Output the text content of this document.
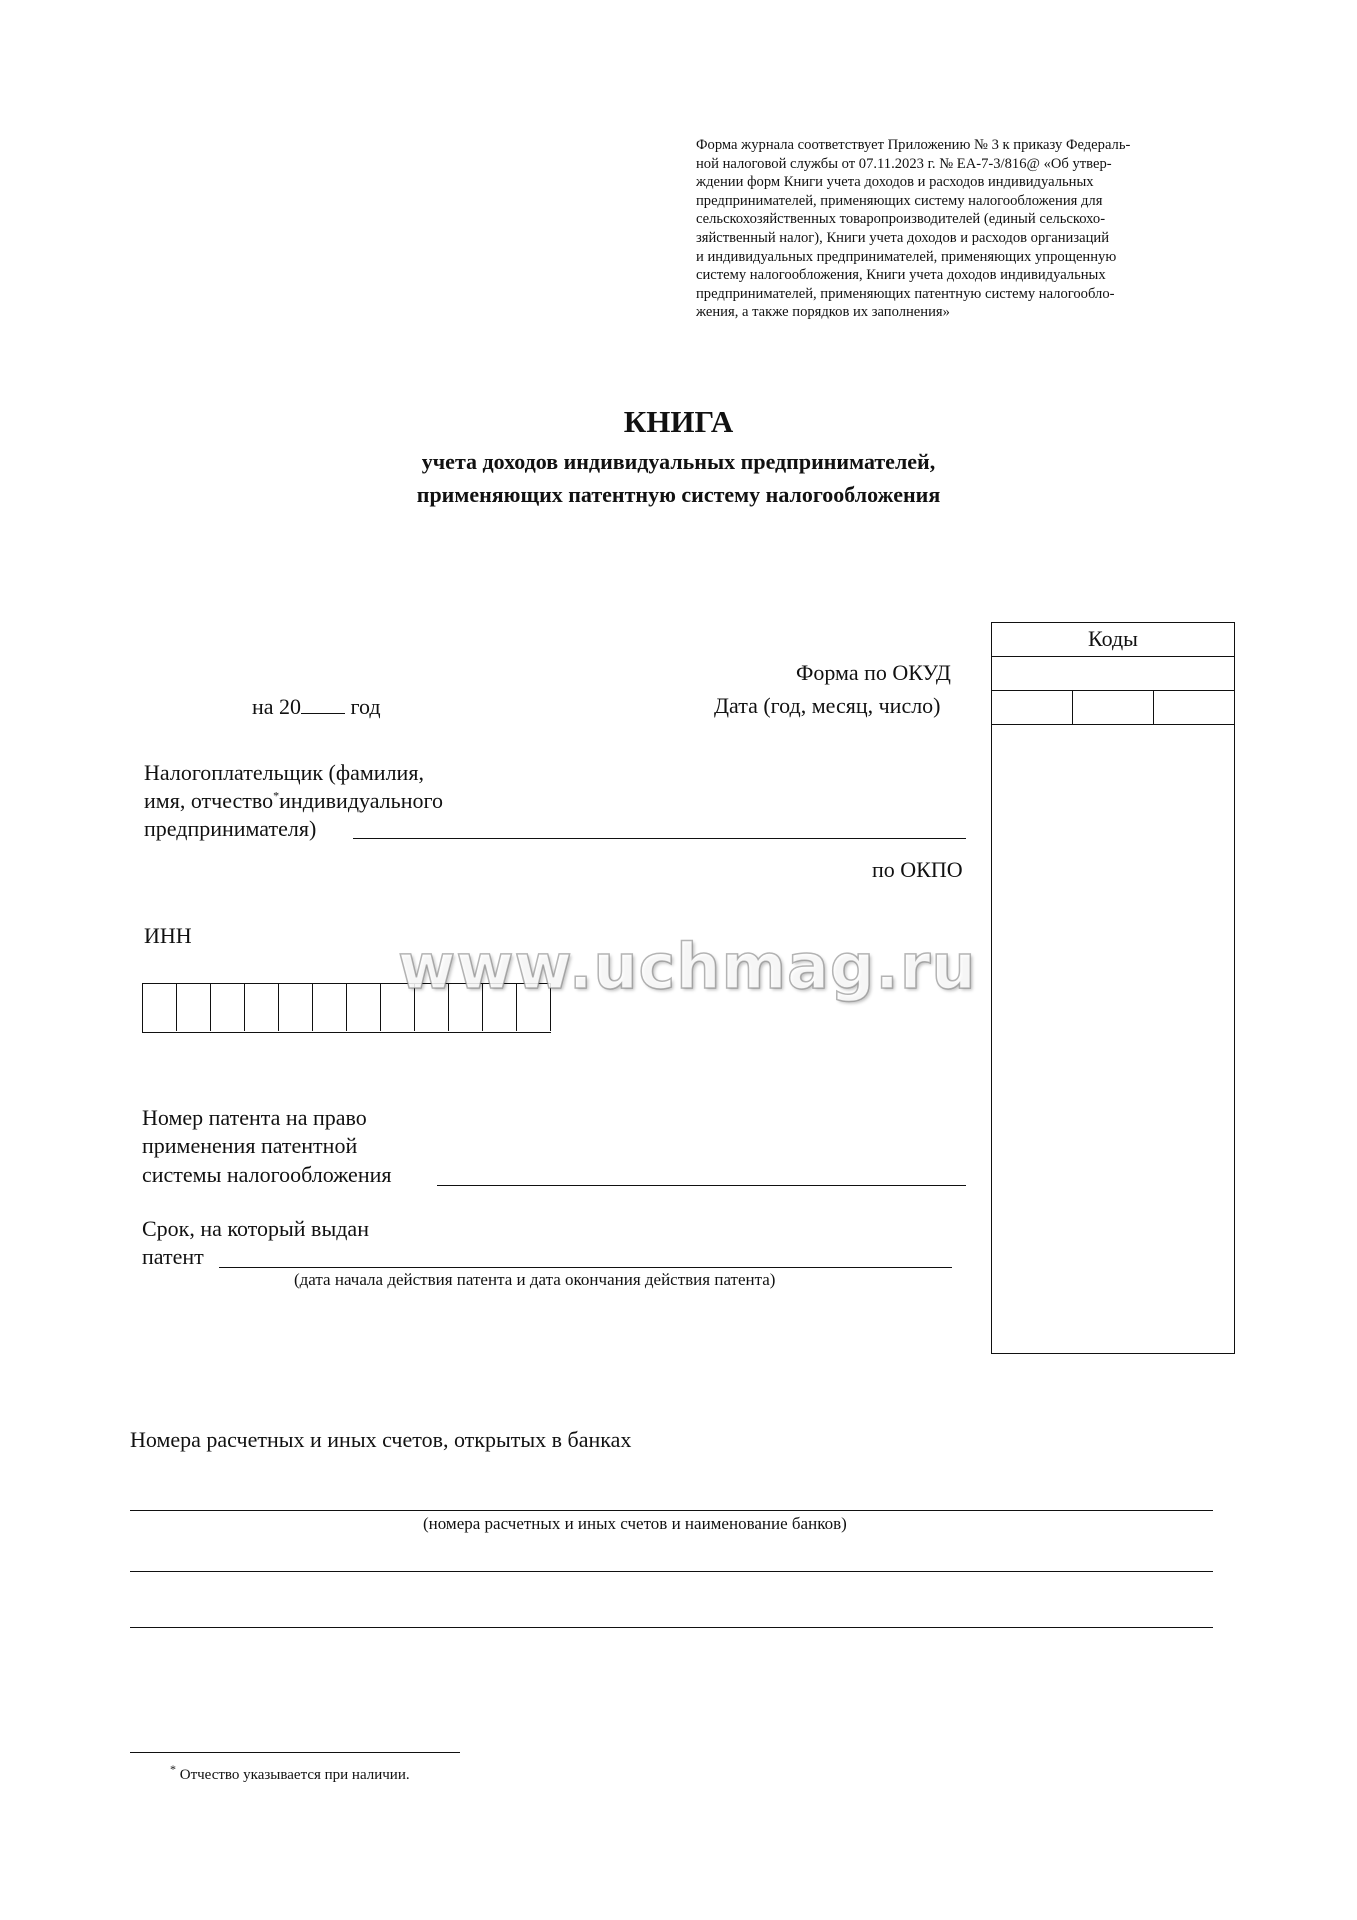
Форма журнала соответствует Приложению № 3 к приказу Федераль-
ной налоговой службы от 07.11.2023 г. № ЕА-7-3/816@ «Об утвер-
ждении форм Книги учета доходов и расходов индивидуальных
предпринимателей, применяющих систему налогообложения для
сельскохозяйственных товаропроизводителей (единый сельскохо-
зяйственный налог), Книги учета доходов и расходов организаций
и индивидуальных предпринимателей, применяющих упрощенную
систему налогообложения, Книги учета доходов индивидуальных
предпринимателей, применяющих патентную систему налогообло-
жения, а также порядков их заполнения»
КНИГА
учета доходов индивидуальных предпринимателей,
применяющих патентную систему налогообложения
Коды
Форма по ОКУД
Дата (год, месяц, число)
по ОКПО
на 20 год
Налогоплательщик (фамилия,
имя, отчество*индивидуального
предпринимателя)
ИНН	www.uchmag.ru
Номер патента на право
применения патентной
системы налогообложения
Срок, на который выдан
патент
(дата начала действия патента и дата окончания действия патента)
Номера расчетных и иных счетов, открытых в банках
(номера расчетных и иных счетов и наименование банков)
* Отчество указывается при наличии.
